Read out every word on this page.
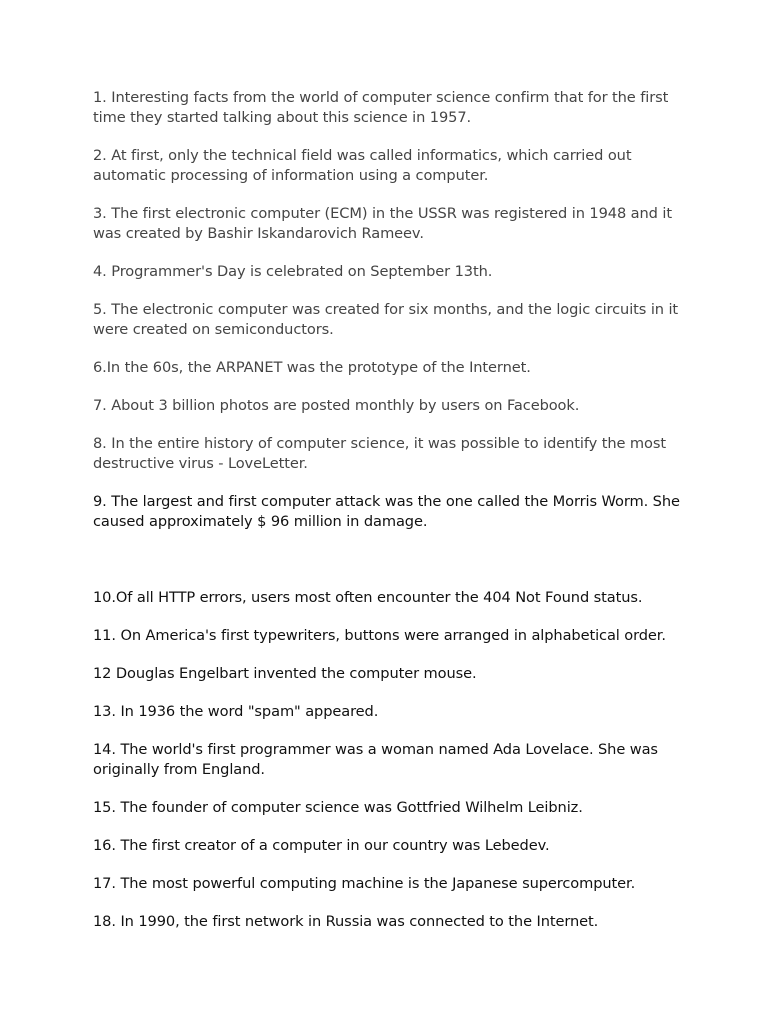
1. Interesting facts from the world of computer science confirm that for the first time they started talking about this science in 1957.
2. At first, only the technical field was called informatics, which carried out automatic processing of information using a computer.
3. The first electronic computer (ECM) in the USSR was registered in 1948 and it was created by Bashir Iskandarovich Rameev.
4. Programmer's Day is celebrated on September 13th.
5. The electronic computer was created for six months, and the logic circuits in it were created on semiconductors.
6.In the 60s, the ARPANET was the prototype of the Internet.
7. About 3 billion photos are posted monthly by users on Facebook.
8. In the entire history of computer science, it was possible to identify the most destructive virus - LoveLetter.
9. The largest and first computer attack was the one called the Morris Worm. She caused approximately $ 96 million in damage.
10.Of all HTTP errors, users most often encounter the 404 Not Found status.
11. On America's first typewriters, buttons were arranged in alphabetical order.
12 Douglas Engelbart invented the computer mouse.
13. In 1936 the word "spam" appeared.
14. The world's first programmer was a woman named Ada Lovelace. She was originally from England.
15. The founder of computer science was Gottfried Wilhelm Leibniz.
16. The first creator of a computer in our country was Lebedev.
17. The most powerful computing machine is the Japanese supercomputer.
18. In 1990, the first network in Russia was connected to the Internet.
